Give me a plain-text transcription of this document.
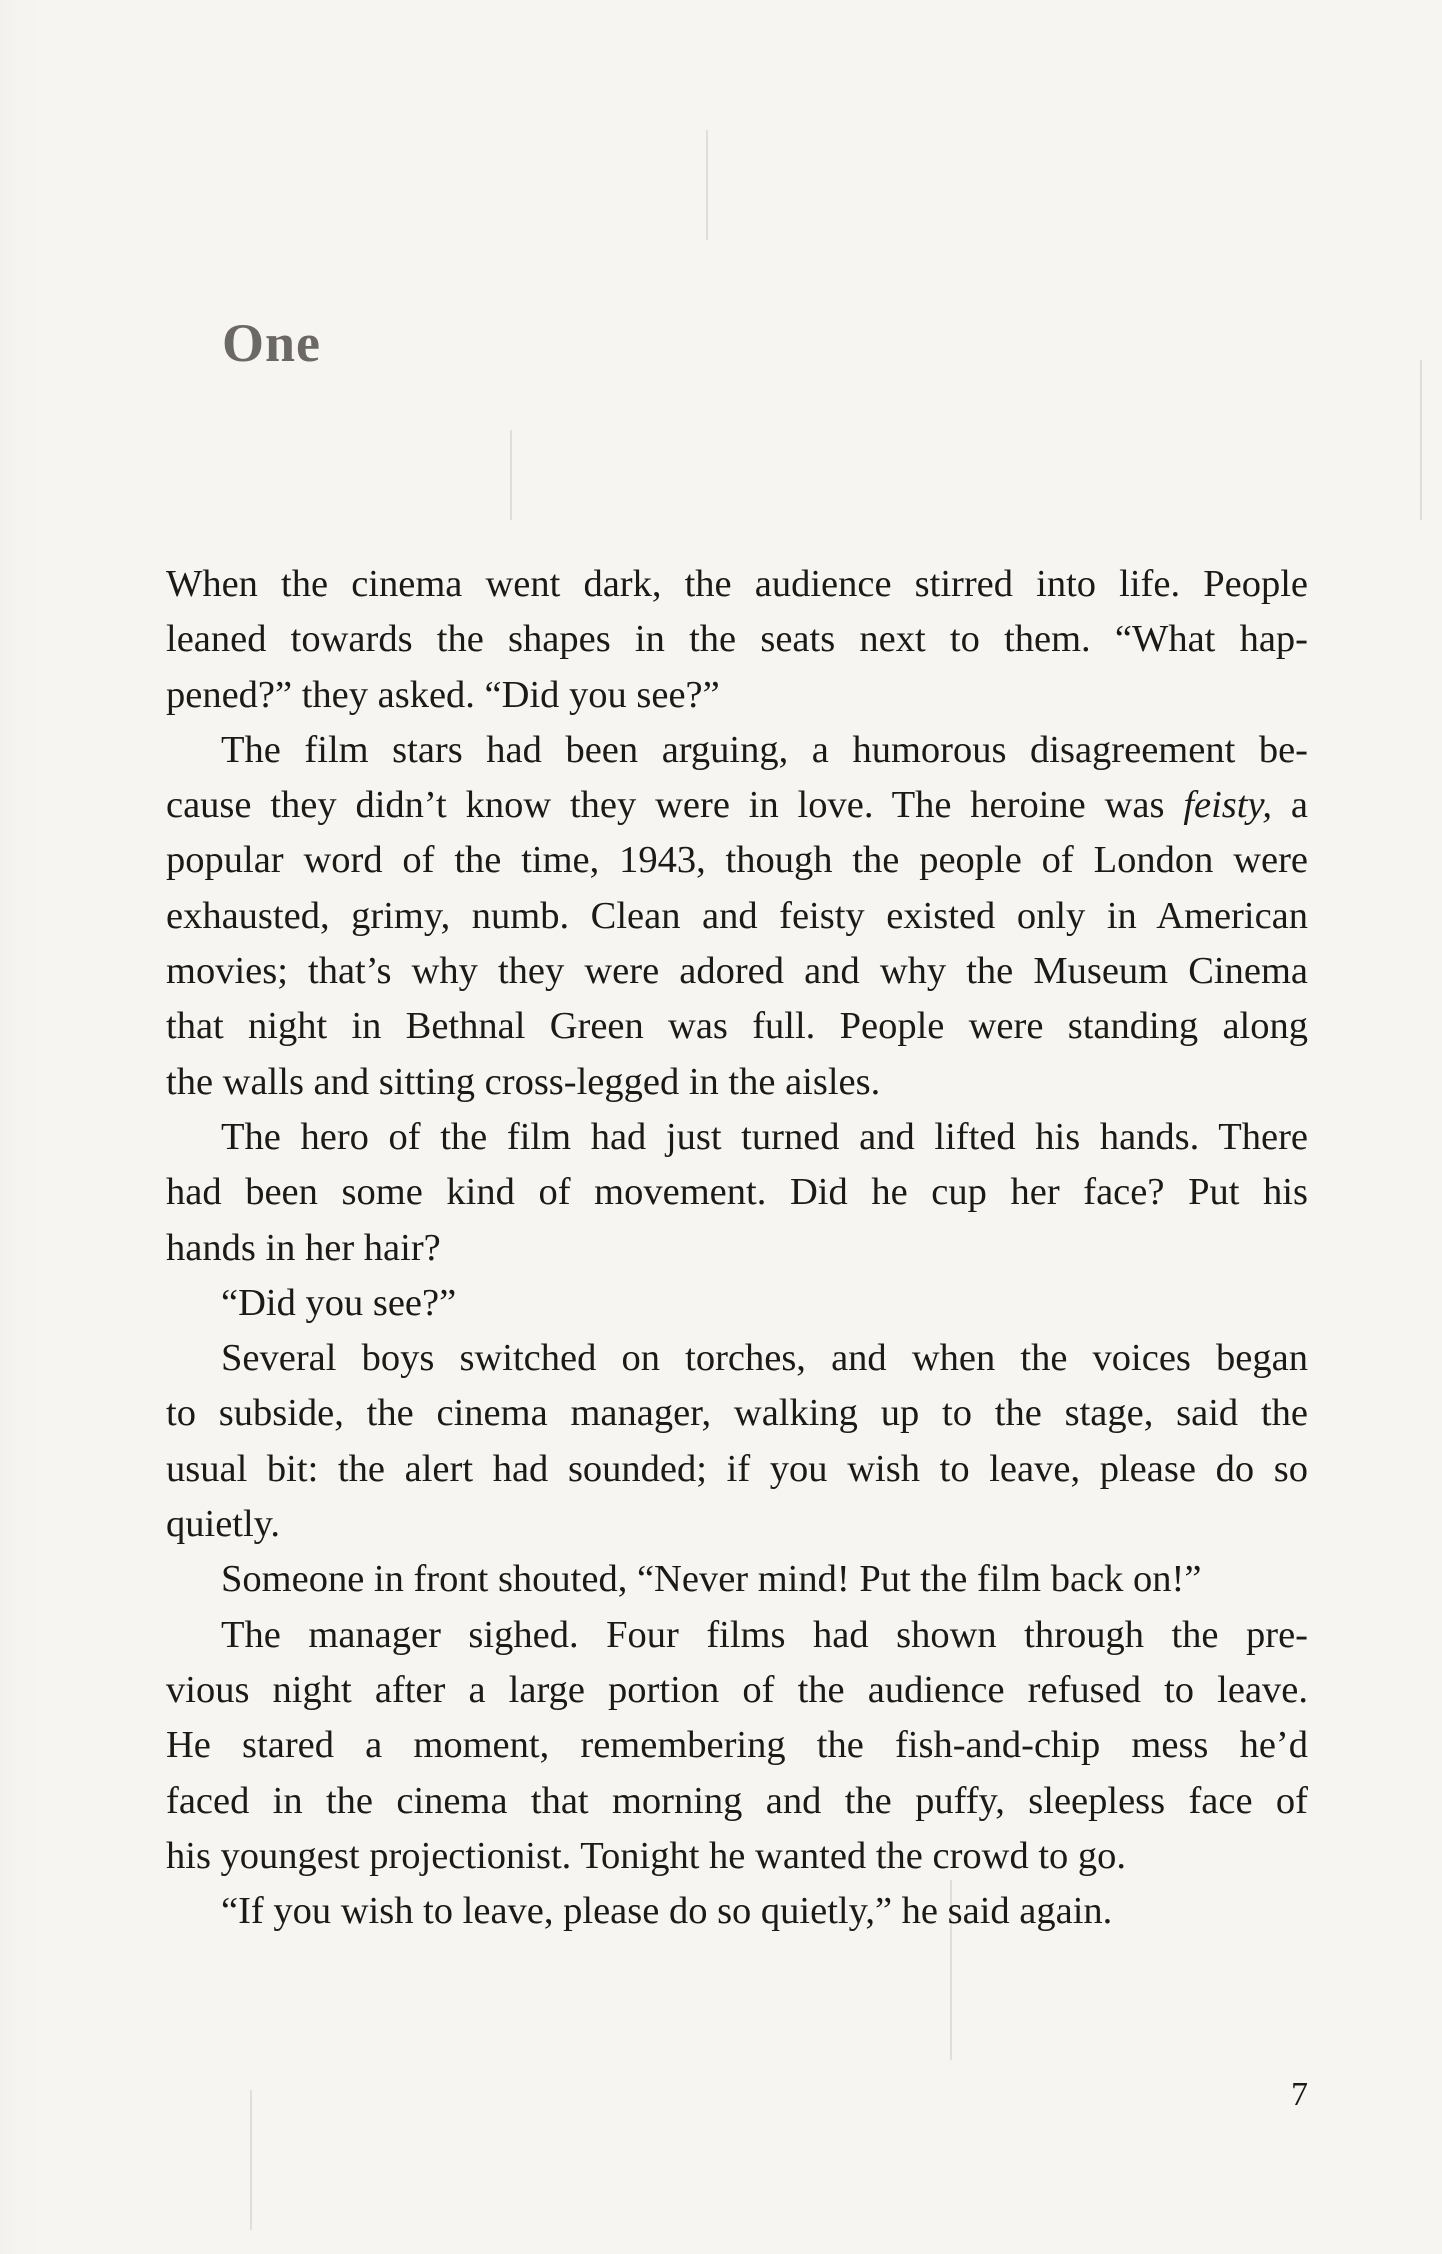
One
When the cinema went dark, the audience stirred into life. People
leaned towards the shapes in the seats next to them. “What hap-
pened?” they asked. “Did you see?”
The film stars had been arguing, a humorous disagreement be-
cause they didn’t know they were in love. The heroine was feisty, a
popular word of the time, 1943, though the people of London were
exhausted, grimy, numb. Clean and feisty existed only in American
movies; that’s why they were adored and why the Museum Cinema
that night in Bethnal Green was full. People were standing along
the walls and sitting cross-legged in the aisles.
The hero of the film had just turned and lifted his hands. There
had been some kind of movement. Did he cup her face? Put his
hands in her hair?
“Did you see?”
Several boys switched on torches, and when the voices began
to subside, the cinema manager, walking up to the stage, said the
usual bit: the alert had sounded; if you wish to leave, please do so
quietly.
Someone in front shouted, “Never mind! Put the film back on!”
The manager sighed. Four films had shown through the pre-
vious night after a large portion of the audience refused to leave.
He stared a moment, remembering the fish-and-chip mess he’d
faced in the cinema that morning and the puffy, sleepless face of
his youngest projectionist. Tonight he wanted the crowd to go.
“If you wish to leave, please do so quietly,” he said again.
7
